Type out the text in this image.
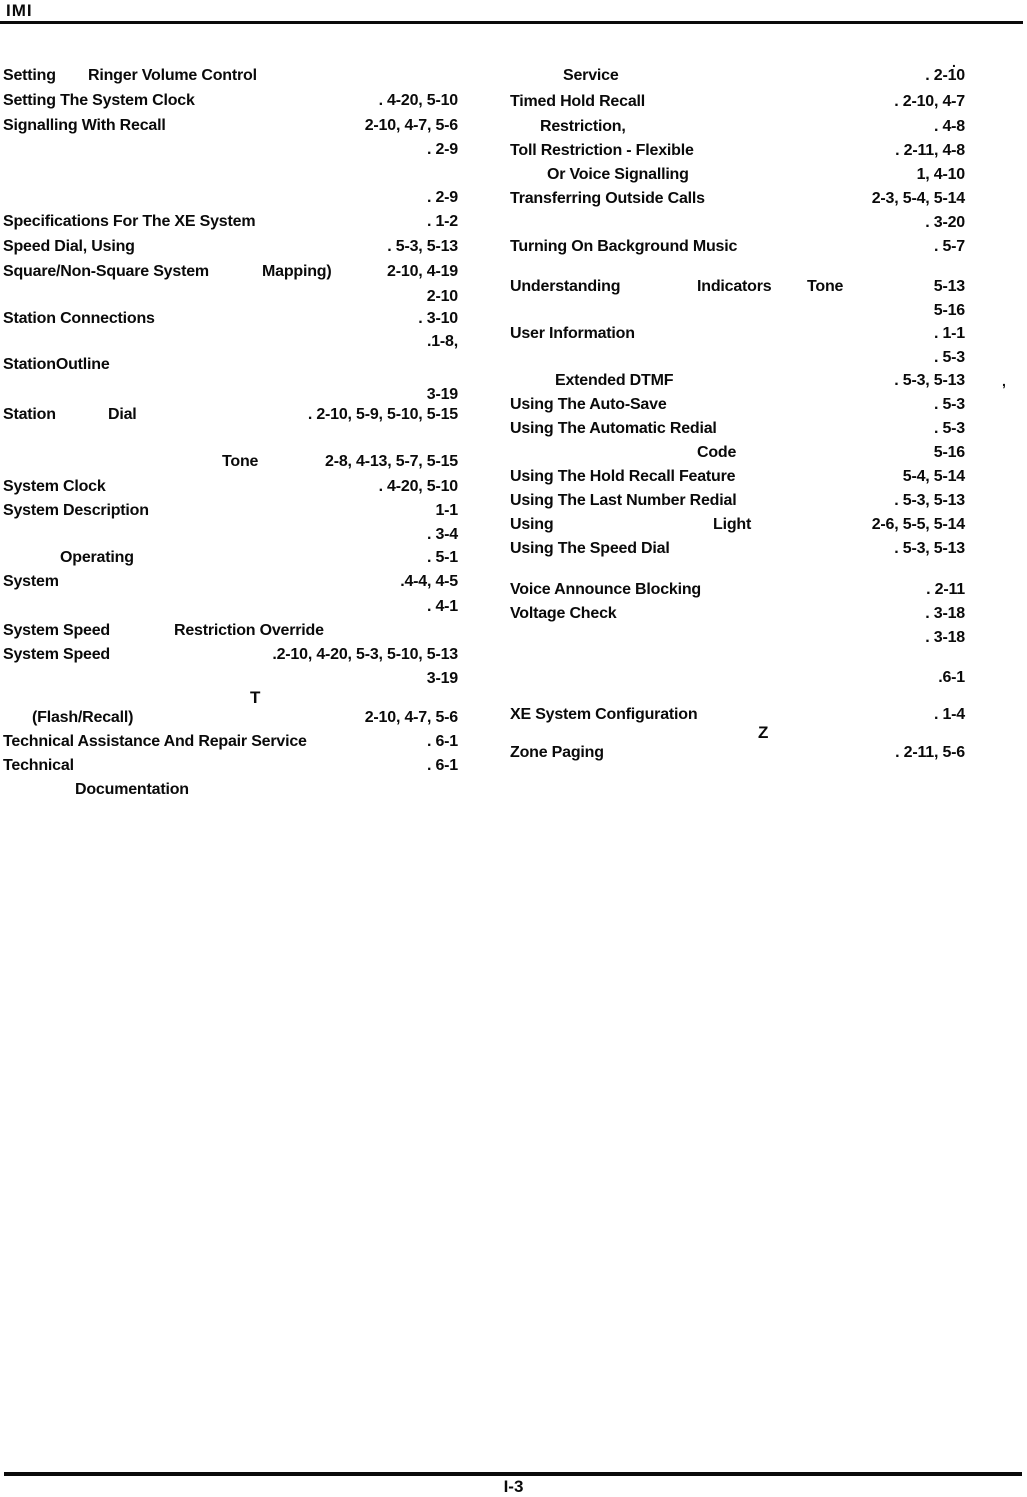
IMI
Setting Ringer Volume Control
Setting The System Clock	. 4-20, 5-10
Signalling With Recall	2-10, 4-7, 5-6
. 2-9
. 2-9
Specifications For The XE System	. 1-2
Speed Dial, Using	. 5-3, 5-13
Square/Non-Square System	Mapping)	2-10, 4-19
2-10
Station Connections	. 3-10
.1-8,
StationOutline
3-19
Station	Dial	. 2-10, 5-9, 5-10, 5-15
Tone	2-8, 4-13, 5-7, 5-15
System Clock	. 4-20, 5-10
System Description	1-1
. 3-4
Operating	. 5-1
System	.4-4, 4-5
. 4-1
System Speed	Restriction Override
System Speed	.2-10, 4-20, 5-3, 5-10, 5-13
3-19
T
(Flash/Recall)	2-10, 4-7, 5-6
Technical Assistance And Repair Service	. 6-1
Technical	. 6-1
Documentation
Service	. 2-10
Timed Hold Recall	. 2-10, 4-7
Restriction,	. 4-8
Toll Restriction - Flexible	. 2-11, 4-8
Or Voice Signalling	1, 4-10
Transferring Outside Calls	2-3, 5-4, 5-14
. 3-20
Turning On Background Music	. 5-7
Understanding	Indicators Tone	5-13
5-16
User Information	. 1-1
. 5-3
Extended DTMF	. 5-3, 5-13
Using The Auto-Save	. 5-3
Using The Automatic Redial	. 5-3
Code	5-16
Using The Hold Recall Feature	5-4, 5-14
Using The Last Number Redial	. 5-3, 5-13
Using	Light	2-6, 5-5, 5-14
Using The Speed Dial	. 5-3, 5-13
Voice Announce Blocking	. 2-11
Voltage Check	. 3-18
. 3-18
.6-1
XE System Configuration	. 1-4
Z
Zone Paging	. 2-11, 5-6
.
,
I-3
